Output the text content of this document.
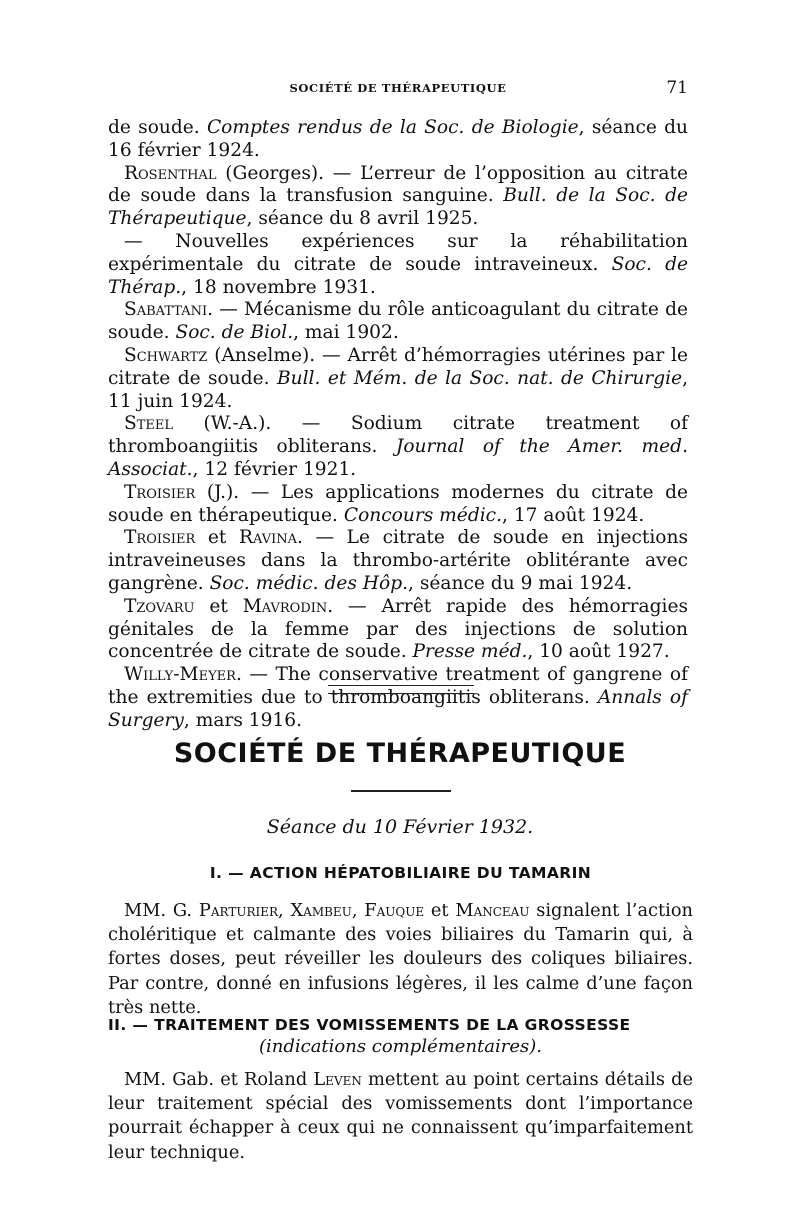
SOCIÉTÉ DE THÉRAPEUTIQUE	71
de soude. Comptes rendus de la Soc. de Biologie, séance du 16 février 1924.
Rosenthal (Georges). — L’erreur de l’opposition au citrate de soude dans la transfusion sanguine. Bull. de la Soc. de Thérapeutique, séance du 8 avril 1925.
— Nouvelles expériences sur la réhabilitation expérimentale du citrate de soude intraveineux. Soc. de Thérap., 18 novembre 1931.
Sabattani. — Mécanisme du rôle anticoagulant du citrate de soude. Soc. de Biol., mai 1902.
Schwartz (Anselme). — Arrêt d’hémorragies utérines par le citrate de soude. Bull. et Mém. de la Soc. nat. de Chirurgie, 11 juin 1924.
Steel (W.-A.). — Sodium citrate treatment of thromboangiitis obliterans. Journal of the Amer. med. Associat., 12 février 1921.
Troisier (J.). — Les applications modernes du citrate de soude en thérapeutique. Concours médic., 17 août 1924.
Troisier et Ravina. — Le citrate de soude en injections intraveineuses dans la thrombo-artérite oblitérante avec gangrène. Soc. médic. des Hôp., séance du 9 mai 1924.
Tzovaru et Mavrodin. — Arrêt rapide des hémorragies génitales de la femme par des injections de solution concentrée de citrate de soude. Presse méd., 10 août 1927.
Willy-Meyer. — The conservative treatment of gangrene of the extremities due to thromboangiitis obliterans. Annals of Surgery, mars 1916.
SOCIÉTÉ DE THÉRAPEUTIQUE
Séance du 10 Février 1932.
I. — ACTION HÉPATOBILIAIRE DU TAMARIN
MM. G. Parturier, Xambeu, Fauque et Manceau signalent l’action choléritique et calmante des voies biliaires du Tamarin qui, à fortes doses, peut réveiller les douleurs des coliques biliaires. Par contre, donné en infusions légères, il les calme d’une façon très nette.
II. — TRAITEMENT DES VOMISSEMENTS DE LA GROSSESSE
(indications complémentaires).
MM. Gab. et Roland Leven mettent au point certains détails de leur traitement spécial des vomissements dont l’importance pourrait échapper à ceux qui ne connaissent qu’imparfaitement leur technique.
